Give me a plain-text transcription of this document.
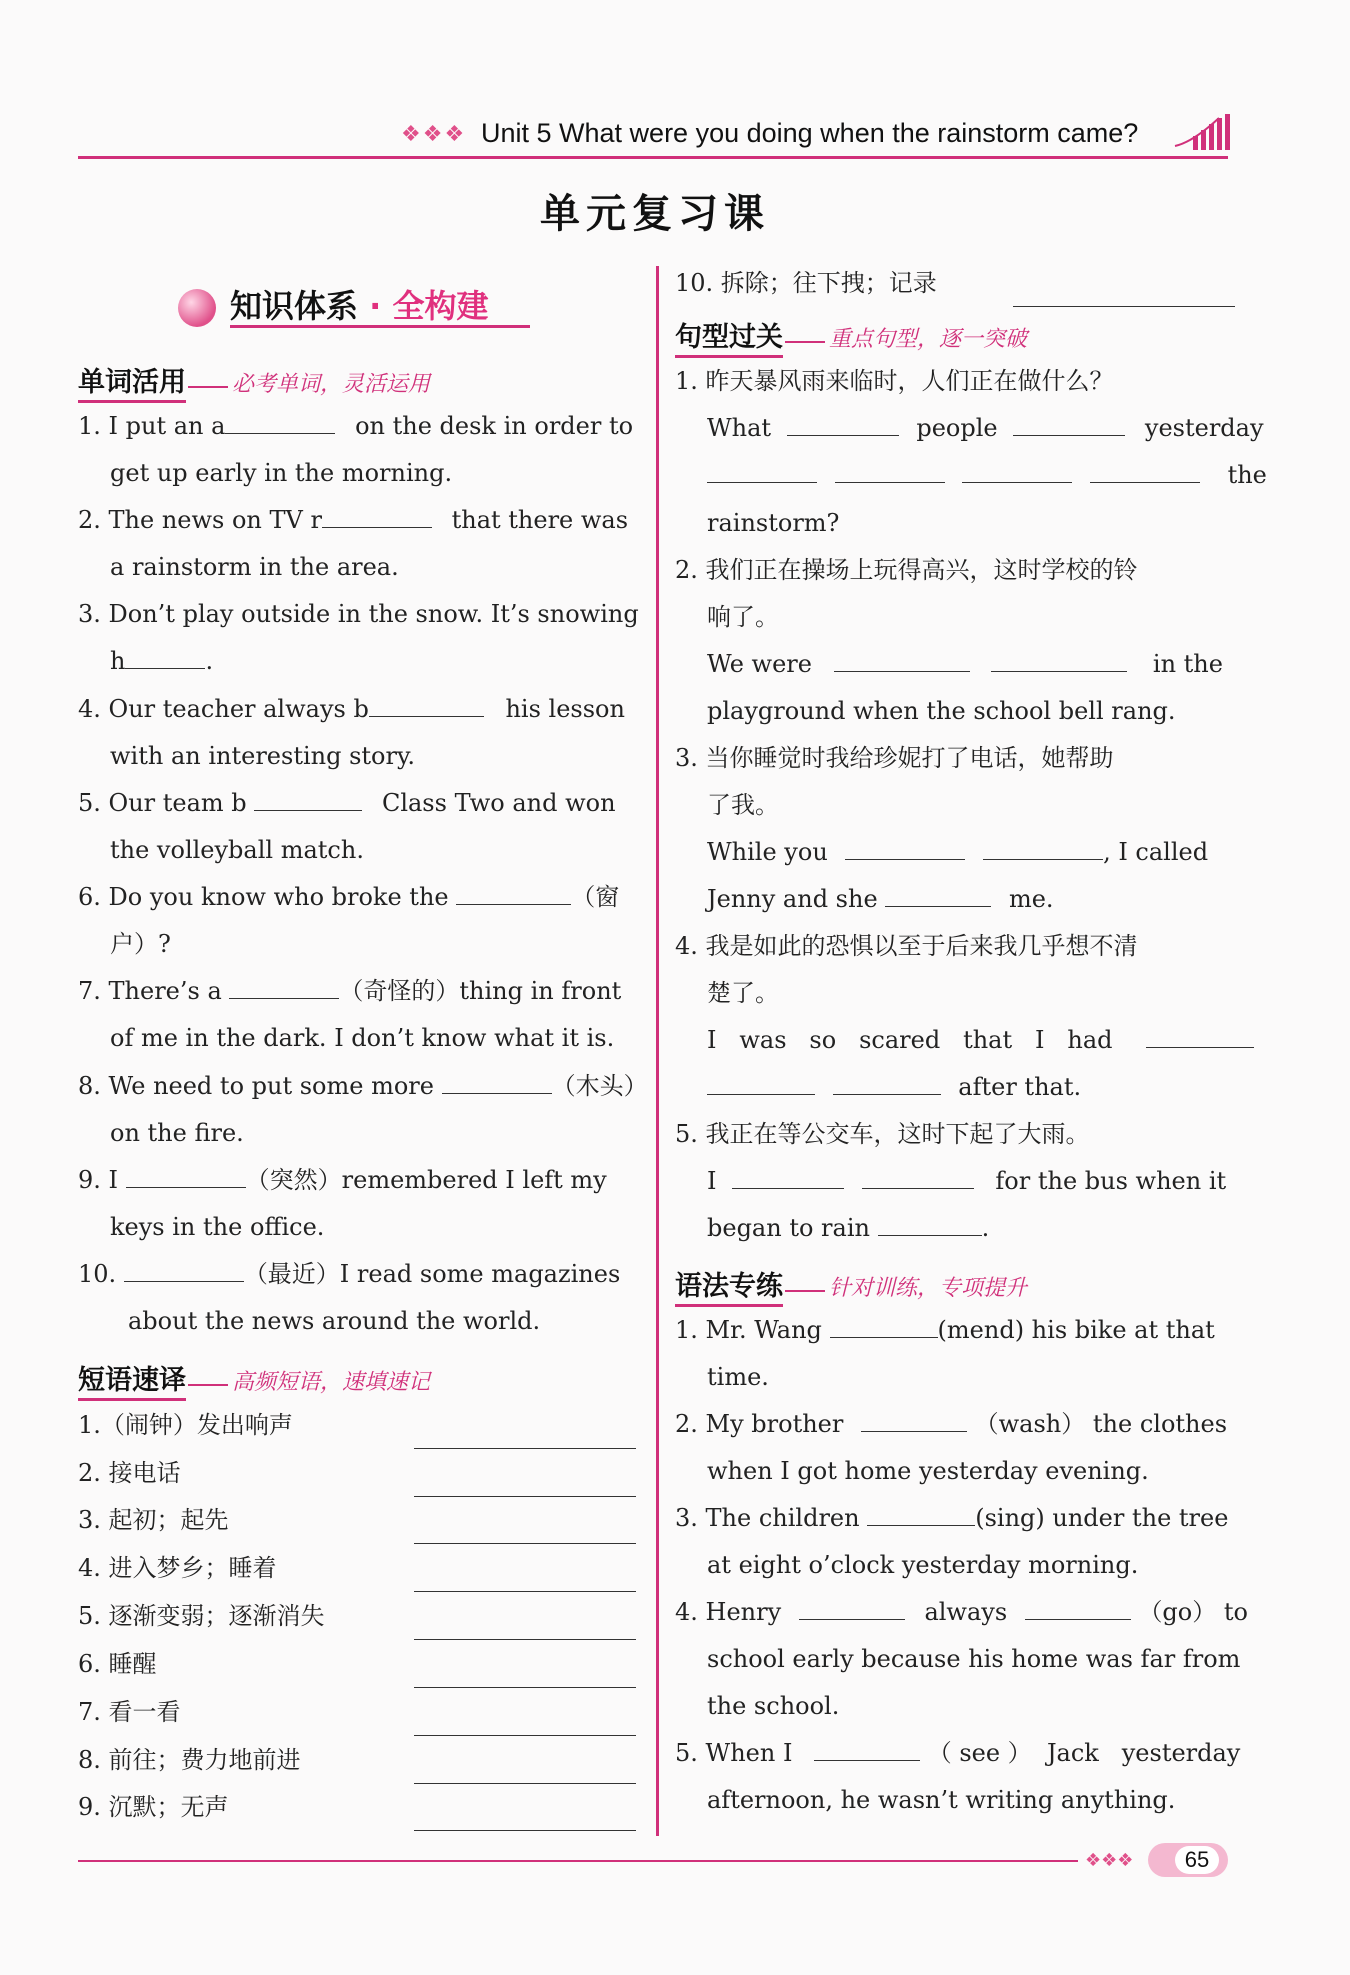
❖❖❖ Unit 5 What were you doing when the rainstorm came?
单元复习课
知识体系 · 全构建
单词活用 必考单词，灵活运用
1. I put an a	on the desk in order to
get up early in the morning.
2. The news on TV r	that there was
a rainstorm in the area.
3. Don’t play outside in the snow. It’s snowing
h	.
4. Our teacher always b	his lesson
with an interesting story.
5. Our team b	Class Two and won
the volleyball match.
6. Do you know who broke the	（窗
户）?
7. There’s a	（奇怪的）thing in front
of me in the dark. I don’t know what it is.
8. We need to put some more	（木头）
on the fire.
9. I	（突然）remembered I left my
keys in the office.
10.	（最近）I read some magazines
about the news around the world.
短语速译 高频短语，速填速记
1.（闹钟）发出响声
2. 接电话
3. 起初；起先
4. 进入梦乡；睡着
5. 逐渐变弱；逐渐消失
6. 睡醒
7. 看一看
8. 前往；费力地前进
9. 沉默；无声
10. 拆除；往下拽；记录
句型过关 重点句型，逐一突破
1. 昨天暴风雨来临时，人们正在做什么？
What	people	yesterday
the
rainstorm?
2. 我们正在操场上玩得高兴，这时学校的铃
响了。
We were	in the
playground when the school bell rang.
3. 当你睡觉时我给珍妮打了电话，她帮助
了我。
While you	, I called
Jenny and she	me.
4. 我是如此的恐惧以至于后来我几乎想不清
楚了。
I   was   so   scared   that   I   had
after that.
5. 我正在等公交车，这时下起了大雨。
I	for the bus when it
began to rain	.
语法专练 针对训练，专项提升
1. Mr. Wang	(mend) his bike at that
time.
2. My brother	（wash） the clothes
when I got home yesterday evening.
3. The children	(sing) under the tree
at eight o’clock yesterday morning.
4. Henry	always	（go） to
school early because his home was far from
the school.
5. When I	（ see ）  Jack   yesterday
afternoon, he wasn’t writing anything.
❖❖❖	65
